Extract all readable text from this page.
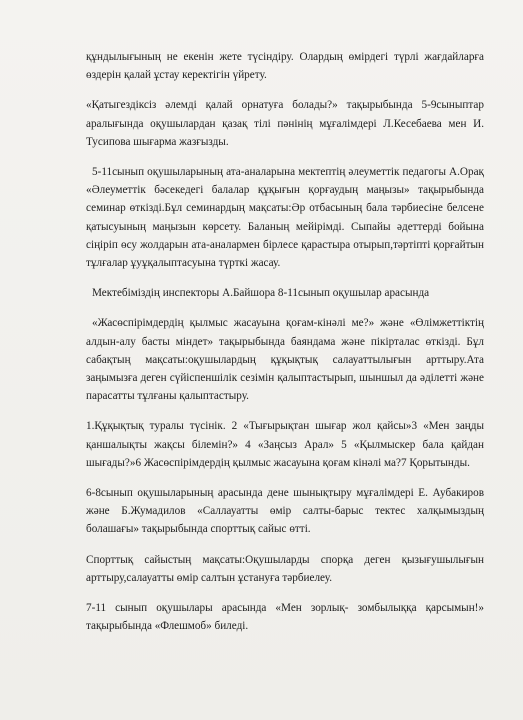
құндылығының не екенін жете түсіндіру. Олардың өмірдегі түрлі жағдайларға өздерін қалай ұстау керектігін үйрету.

«Қатыгездіксіз әлемді қалай орнатуға болады?» тақырыбында 5-9сыныптар аралығында оқушылардан қазақ тілі пәнінің мұғалімдері Л.Кесебаева мен И. Тусипова шығарма жазғызды.

5-11сынып оқушыларының ата-аналарына мектептің әлеуметтік педагогы А.Орақ «Әлеуметтік бәсекедегі балалар құқығын қорғаудың маңызы» тақырыбында семинар өткізді.Бұл семинардың мақсаты:Әр отбасының бала тәрбиесіне белсене қатысуының маңызын көрсету. Баланың мейірімді. Сыпайы әдеттерді бойына сіңіріп өсу жолдарын ата-аналармен бірлесе қарастыра отырып,тәртіпті қорғайтын тұлғалар ұуұқалыптасуына түрткі жасау.

Мектебіміздің инспекторы А.Байшора 8-11сынып оқушылар арасында

«Жасөспірімдердің қылмыс жасауына қоғам-кінәлі ме?» және «Өлімжеттіктің алдын-алу басты міндет» тақырыбында баяндама және пікірталас өткізді. Бұл сабақтың мақсаты:оқушылардың құқықтық салауаттылығын арттыру.Ата заңымызға деген сүйіспеншілік сезімін қалыптастырып, шыншыл да әділетті және парасатты тұлғаны қалыптастыру.

1.Құқықтық туралы түсінік. 2 «Тығырықтан шығар жол қайсы»3 «Мен заңды қаншалықты жақсы білемін?» 4 «Заңсыз Арал» 5 «Қылмыскер бала қайдан шығады?»6 Жасөспірімдердің қылмыс жасауына қоғам кінәлі ма?7 Қорытынды.

6-8сынып оқушыларының арасында дене шынықтыру мұғалімдері Е. Аубакиров және Б.Жумадилов «Саллауатты өмір салты-барыс тектес халқымыздың болашағы» тақырыбында спорттық сайыс өтті.

Спорттық сайыстың мақсаты:Оқушыларды спорқа деген қызығушылығын арттыру,салауатты өмір салтын ұстануға тәрбиелеу.

7-11 сынып оқушылары арасында «Мен зорлық- зомбылыққа қарсымын!» тақырыбында «Флешмоб» биледі.
